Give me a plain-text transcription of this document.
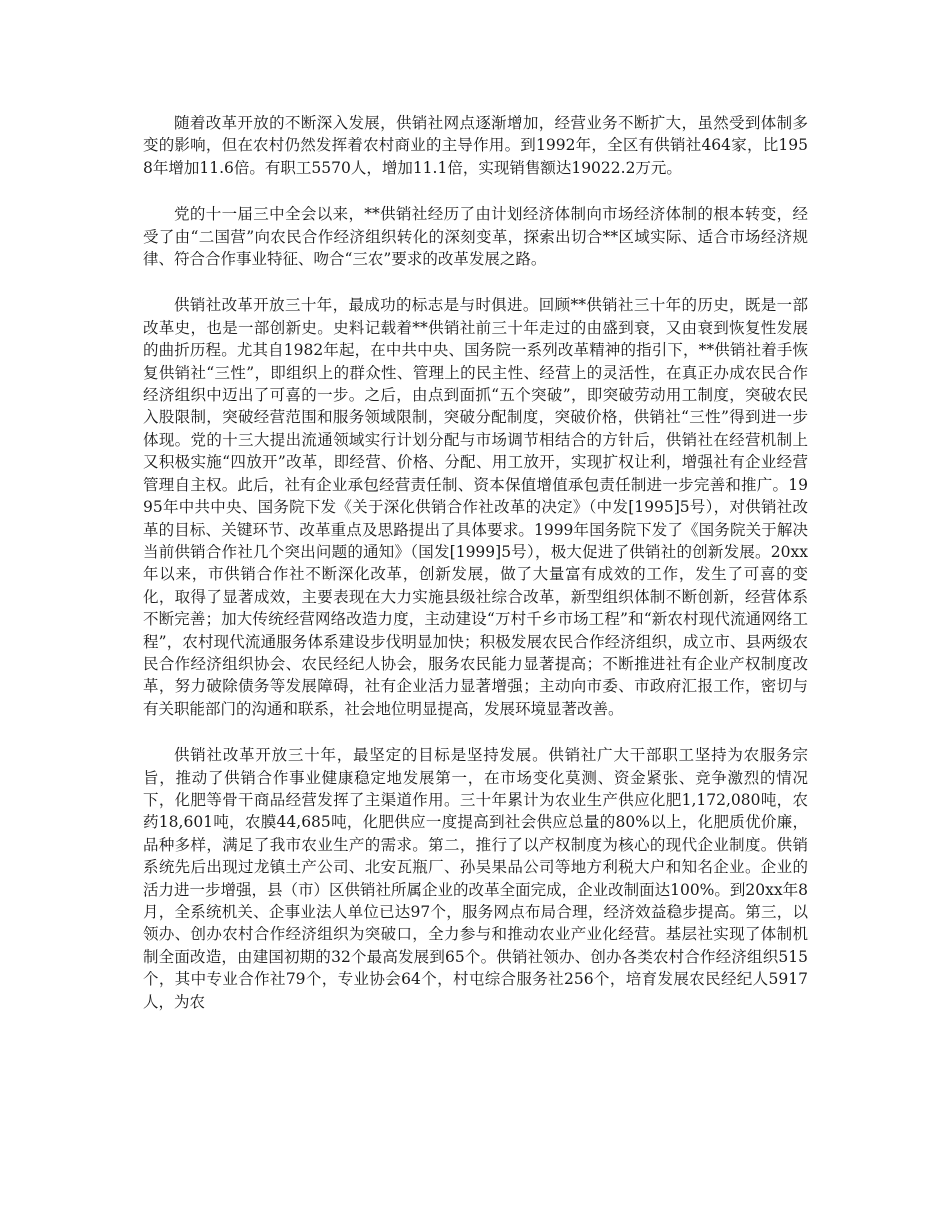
随着改革开放的不断深入发展，供销社网点逐渐增加，经营业务不断扩大，虽然受到体制多变的影响，但在农村仍然发挥着农村商业的主导作用。到1992年，全区有供销社464家，比1958年增加11.6倍。有职工5570人，增加11.1倍，实现销售额达19022.2万元。

党的十一届三中全会以来，**供销社经历了由计划经济体制向市场经济体制的根本转变，经受了由“二国营”向农民合作经济组织转化的深刻变革，探索出切合**区域实际、适合市场经济规律、符合合作事业特征、吻合“三农”要求的改革发展之路。

供销社改革开放三十年，最成功的标志是与时俱进。回顾**供销社三十年的历史，既是一部改革史，也是一部创新史。史料记载着**供销社前三十年走过的由盛到衰，又由衰到恢复性发展的曲折历程。尤其自1982年起，在中共中央、国务院一系列改革精神的指引下，**供销社着手恢复供销社“三性”，即组织上的群众性、管理上的民主性、经营上的灵活性，在真正办成农民合作经济组织中迈出了可喜的一步。之后，由点到面抓“五个突破”，即突破劳动用工制度，突破农民入股限制，突破经营范围和服务领域限制，突破分配制度，突破价格，供销社“三性”得到进一步体现。党的十三大提出流通领域实行计划分配与市场调节相结合的方针后，供销社在经营机制上又积极实施“四放开”改革，即经营、价格、分配、用工放开，实现扩权让利，增强社有企业经营管理自主权。此后，社有企业承包经营责任制、资本保值增值承包责任制进一步完善和推广。1995年中共中央、国务院下发《关于深化供销合作社改革的决定》（中发[1995]5号），对供销社改革的目标、关键环节、改革重点及思路提出了具体要求。1999年国务院下发了《国务院关于解决当前供销合作社几个突出问题的通知》（国发[1999]5号），极大促进了供销社的创新发展。20xx年以来，市供销合作社不断深化改革，创新发展，做了大量富有成效的工作，发生了可喜的变化，取得了显著成效，主要表现在大力实施县级社综合改革，新型组织体制不断创新，经营体系不断完善；加大传统经营网络改造力度，主动建设“万村千乡市场工程”和“新农村现代流通网络工程”，农村现代流通服务体系建设步伐明显加快；积极发展农民合作经济组织，成立市、县两级农民合作经济组织协会、农民经纪人协会，服务农民能力显著提高；不断推进社有企业产权制度改革，努力破除债务等发展障碍，社有企业活力显著增强；主动向市委、市政府汇报工作，密切与有关职能部门的沟通和联系，社会地位明显提高，发展环境显著改善。

供销社改革开放三十年，最坚定的目标是坚持发展。供销社广大干部职工坚持为农服务宗旨，推动了供销合作事业健康稳定地发展第一，在市场变化莫测、资金紧张、竞争激烈的情况下，化肥等骨干商品经营发挥了主渠道作用。三十年累计为农业生产供应化肥1,172,080吨，农药18,601吨，农膜44,685吨，化肥供应一度提高到社会供应总量的80%以上，化肥质优价廉，品种多样，满足了我市农业生产的需求。第二，推行了以产权制度为核心的现代企业制度。供销系统先后出现过龙镇土产公司、北安瓦瓶厂、孙吴果品公司等地方利税大户和知名企业。企业的活力进一步增强，县（市）区供销社所属企业的改革全面完成，企业改制面达100%。到20xx年8月，全系统机关、企事业法人单位已达97个，服务网点布局合理，经济效益稳步提高。第三，以领办、创办农村合作经济组织为突破口，全力参与和推动农业产业化经营。基层社实现了体制机制全面改造，由建国初期的32个最高发展到65个。供销社领办、创办各类农村合作经济组织515个，其中专业合作社79个，专业协会64个，村屯综合服务社256个，培育发展农民经纪人5917人，为农
